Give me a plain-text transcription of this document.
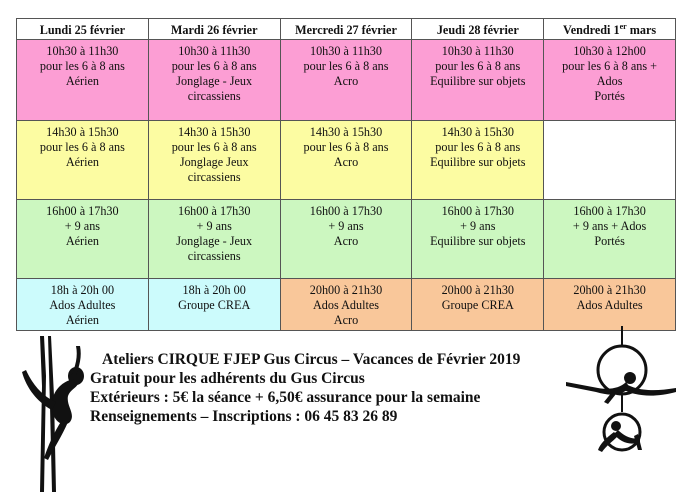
Lundi 25 février	Mardi 26 février	Mercredi 27 février	Jeudi 28 février	Vendredi 1er mars

10h30 à 11h30
pour les 6 à 8 ans
Aérien	10h30 à 11h30
pour les 6 à 8 ans
Jonglage - Jeux
circassiens	10h30 à 11h30
pour les 6 à 8 ans
Acro	10h30 à 11h30
pour les 6 à 8 ans
Equilibre sur objets	10h30 à 12h00
pour les 6 à 8 ans +
Ados
Portés

14h30 à 15h30
pour les 6 à 8 ans
Aérien	14h30 à 15h30
pour les 6 à 8 ans
Jonglage Jeux
circassiens	14h30 à 15h30
pour les 6 à 8 ans
Acro	14h30 à 15h30
pour les 6 à 8 ans
Equilibre sur objets	

16h00 à 17h30
+ 9 ans
Aérien	16h00 à 17h30
+ 9 ans
Jonglage - Jeux
circassiens	16h00 à 17h30
+ 9 ans
Acro	16h00 à 17h30
+ 9 ans
Equilibre sur objets	16h00 à 17h30
+ 9 ans + Ados
Portés

18h à 20h 00
Ados Adultes
Aérien	18h à 20h 00
Groupe CREA	20h00 à 21h30
Ados Adultes
Acro	20h00 à 21h30
Groupe CREA	20h00 à 21h30
Ados Adultes
Ateliers CIRQUE FJEP Gus Circus – Vacances de Février 2019
Gratuit pour les adhérents du Gus Circus
Extérieurs : 5€ la séance + 6,50€ assurance pour la semaine
Renseignements – Inscriptions : 06 45 83 26 89
